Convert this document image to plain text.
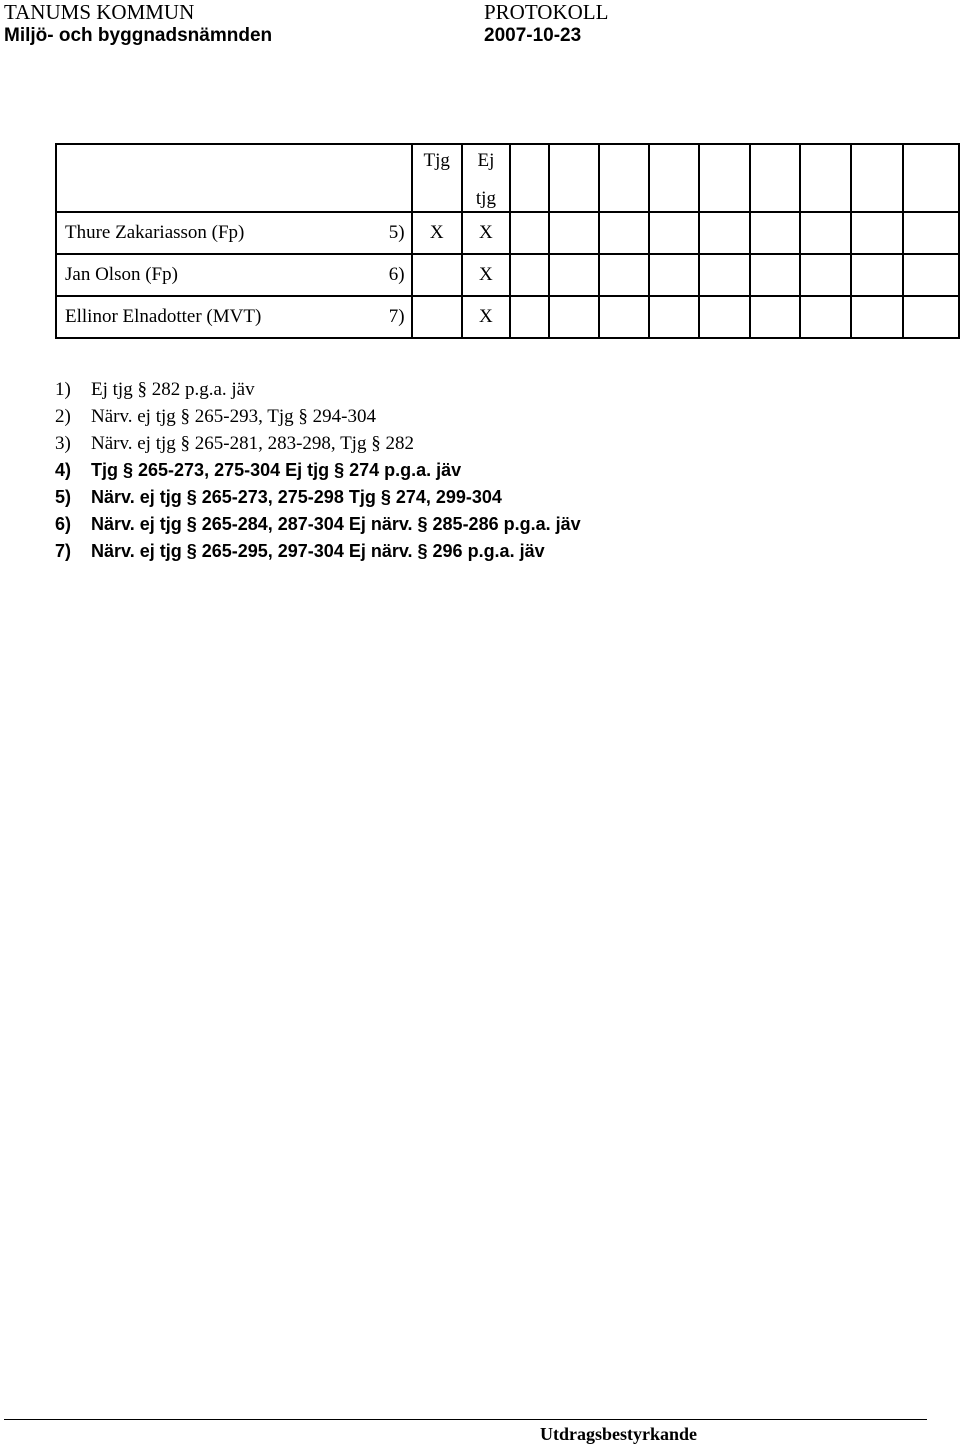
TANUMS KOMMUN
Miljö- och byggnadsnämnden
PROTOKOLL
2007-10-23

		Tjg	Ej
tjg									

Thure Zakariasson (Fp)	5)	X	X									
Jan Olson (Fp)	6)		X									
Ellinor Elnadotter (MVT)	7)		X									
1) Ej tjg § 282 p.g.a. jäv
2) Närv. ej tjg § 265-293, Tjg § 294-304
3) Närv. ej tjg § 265-281, 283-298, Tjg § 282
4) Tjg § 265-273, 275-304 Ej tjg § 274 p.g.a. jäv
5) Närv. ej tjg § 265-273, 275-298 Tjg § 274, 299-304
6) Närv. ej tjg § 265-284, 287-304 Ej närv. § 285-286 p.g.a. jäv
7) Närv. ej tjg § 265-295, 297-304 Ej närv. § 296 p.g.a. jäv
Utdragsbestyrkande
